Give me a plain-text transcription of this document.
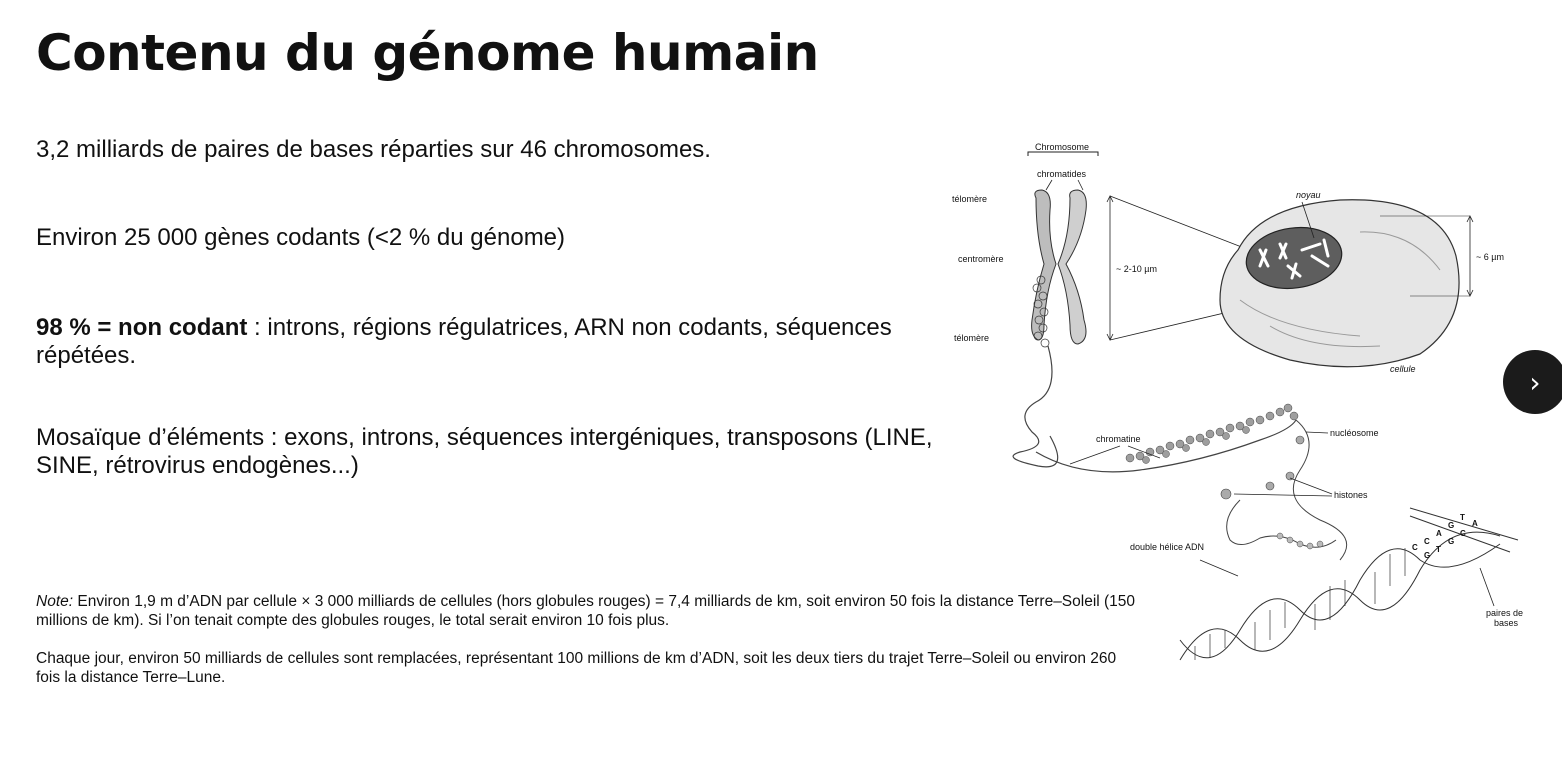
Contenu du génome humain

3,2 milliards de paires de bases réparties sur 46 chromosomes.

Environ 25 000 gènes codants (<2 % du génome)

98 % = non codant : introns, régions régulatrices, ARN non codants, séquences répétées.

Mosaïque d’éléments : exons, introns, séquences intergéniques, transposons (LINE, SINE, rétrovirus endogènes...)

Note: Environ 1,9 m d’ADN par cellule × 3 000 milliards de cellules (hors globules rouges) = 7,4 milliards de km, soit environ 50 fois la distance Terre–Soleil (150 millions de km). Si l’on tenait compte des globules rouges, le total serait environ 10 fois plus.

Chaque jour, environ 50 milliards de cellules sont remplacées, représentant 100 millions de km d’ADN, soit les deux tiers du trajet Terre–Soleil ou environ 260 fois la distance Terre–Lune.

Chromosome
chromatides
télomère
centromère
télomère
~ 2-10 µm
noyau
cellule
~ 6 µm
chromatine
nucléosome
histones
double hélice ADN
T
A
G
C
A
G
C
T
C
G
paires de
bases
›
